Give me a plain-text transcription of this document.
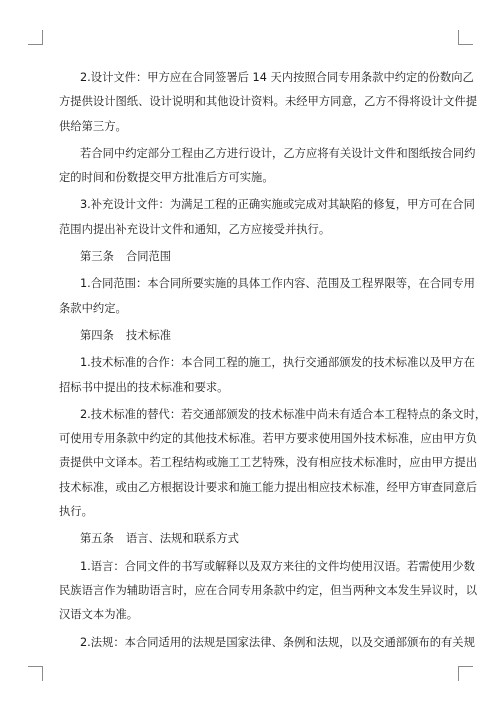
2.设计文件：甲方应在合同签署后 14 天内按照合同专用条款中约定的份数向乙
方提供设计图纸、设计说明和其他设计资料。未经甲方同意，乙方不得将设计文件提
供给第三方。
若合同中约定部分工程由乙方进行设计，乙方应将有关设计文件和图纸按合同约
定的时间和份数提交甲方批准后方可实施。
3.补充设计文件：为满足工程的正确实施或完成对其缺陷的修复，甲方可在合同
范围内提出补充设计文件和通知，乙方应接受并执行。
第三条 合同范围
1.合同范围：本合同所要实施的具体工作内容、范围及工程界限等，在合同专用
条款中约定。
第四条 技术标准
1.技术标准的合作：本合同工程的施工，执行交通部颁发的技术标准以及甲方在
招标书中提出的技术标准和要求。
2.技术标准的替代：若交通部颁发的技术标准中尚未有适合本工程特点的条文时，
可使用专用条款中约定的其他技术标准。若甲方要求使用国外技术标准，应由甲方负
责提供中文译本。若工程结构或施工工艺特殊，没有相应技术标准时，应由甲方提出
技术标准，或由乙方根据设计要求和施工能力提出相应技术标准，经甲方审查同意后
执行。
第五条 语言、法规和联系方式
1.语言：合同文件的书写或解释以及双方来往的文件均使用汉语。若需使用少数
民族语言作为辅助语言时，应在合同专用条款中约定，但当两种文本发生异议时，以
汉语文本为准。
2.法规：本合同适用的法规是国家法律、条例和法规，以及交通部颁布的有关规
